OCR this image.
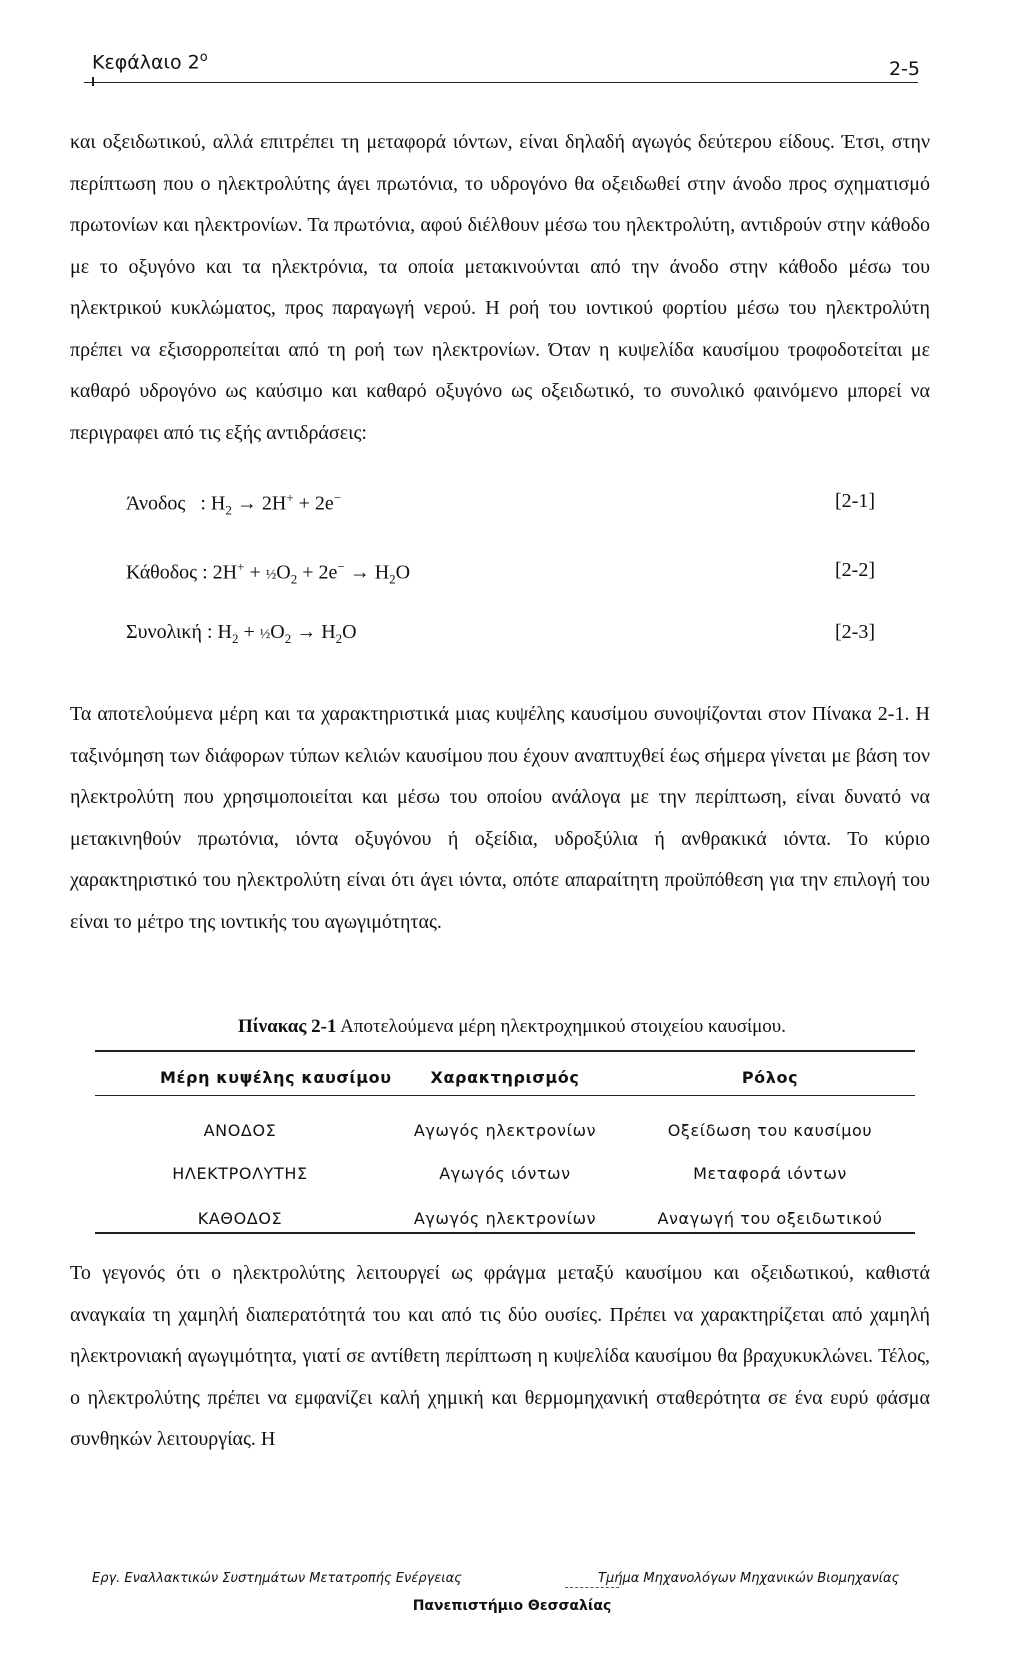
Κεφάλαιο $2^o$
2-5

και οξειδωτικού, αλλά επιτρέπει τη μεταφορά ιόντων, είναι δηλαδή αγωγός δεύτερου είδους. Έτσι, στην περίπτωση που ο ηλεκτρολύτης άγει πρωτόνια, το υδρογόνο θα οξειδωθεί στην άνοδο προς σχηματισμό πρωτονίων και ηλεκτρονίων. Τα πρωτόνια, αφού διέλθουν μέσω του ηλεκτρολύτη, αντιδρούν στην κάθοδο με το οξυγόνο και τα ηλεκτρόνια, τα οποία μετακινούνται από την άνοδο στην κάθοδο μέσω του ηλεκτρικού κυκλώματος, προς παραγωγή νερού. Η ροή του ιοντικού φορτίου μέσω του ηλεκτρολύτη πρέπει να εξισορροπείται από τη ροή των ηλεκτρονίων. Όταν η κυψελίδα καυσίμου τροφοδοτείται με καθαρό υδρογόνο ως καύσιμο και καθαρό οξυγόνο ως οξειδωτικό, το συνολικό φαινόμενο μπορεί να περιγραφει από τις εξής αντιδράσεις:

Άνοδος   : $H_2 \to 2H^+ + 2e^-$	[2-1]
Κάθοδος : $2H^+ + \frac{1}{2}O_2 + 2e^- \to H_2O$	[2-2]
Συνολική : $H_2$ + $\frac{1}{2}O_2 \to H_2O$	[2-3]

Τα αποτελούμενα μέρη και τα χαρακτηριστικά μιας κυψέλης καυσίμου συνοψίζονται στον Πίνακα 2-1. Η ταξινόμηση των διάφορων τύπων κελιών καυσίμου που έχουν αναπτυχθεί έως σήμερα γίνεται με βάση τον ηλεκτρολύτη που χρησιμοποιείται και μέσω του οποίου ανάλογα με την περίπτωση, είναι δυνατό να μετακινηθούν πρωτόνια, ιόντα οξυγόνου ή οξείδια, υδροξύλια ή ανθρακικά ιόντα. Το κύριο χαρακτηριστικό του ηλεκτρολύτη είναι ότι άγει ιόντα, οπότε απαραίτητη προϋπόθεση για την επιλογή του είναι το μέτρο της ιοντικής του αγωγιμότητας.

Πίνακας 2-1 Αποτελούμενα μέρη ηλεκτροχημικού στοιχείου καυσίμου.
Μέρη κυψέλης καυσίμου	Χαρακτηρισμός	Ρόλος
ΑΝΟΔΟΣ	Αγωγός ηλεκτρονίων	Οξείδωση του καυσίμου
ΗΛΕΚΤΡΟΛΥΤΗΣ	Αγωγός ιόντων	Μεταφορά ιόντων
ΚΑΘΟΔΟΣ	Αγωγός ηλεκτρονίων	Αναγωγή του οξειδωτικού

Το γεγονός ότι ο ηλεκτρολύτης λειτουργεί ως φράγμα μεταξύ καυσίμου και οξειδωτικού, καθιστά αναγκαία τη χαμηλή διαπερατότητά του και από τις δύο ουσίες. Πρέπει να χαρακτηρίζεται από χαμηλή ηλεκτρονιακή αγωγιμότητα, γιατί σε αντίθετη περίπτωση η κυψελίδα καυσίμου θα βραχυκυκλώνει. Τέλος, ο ηλεκτρολύτης πρέπει να εμφανίζει καλή χημική και θερμομηχανική σταθερότητα σε ένα ευρύ φάσμα συνθηκών λειτουργίας. Η

Εργ. Εναλλακτικών Συστημάτων Μετατροπής Ενέργειας	Τμήμα Μηχανολόγων Μηχανικών Βιομηχανίας
Πανεπιστήμιο Θεσσαλίας
